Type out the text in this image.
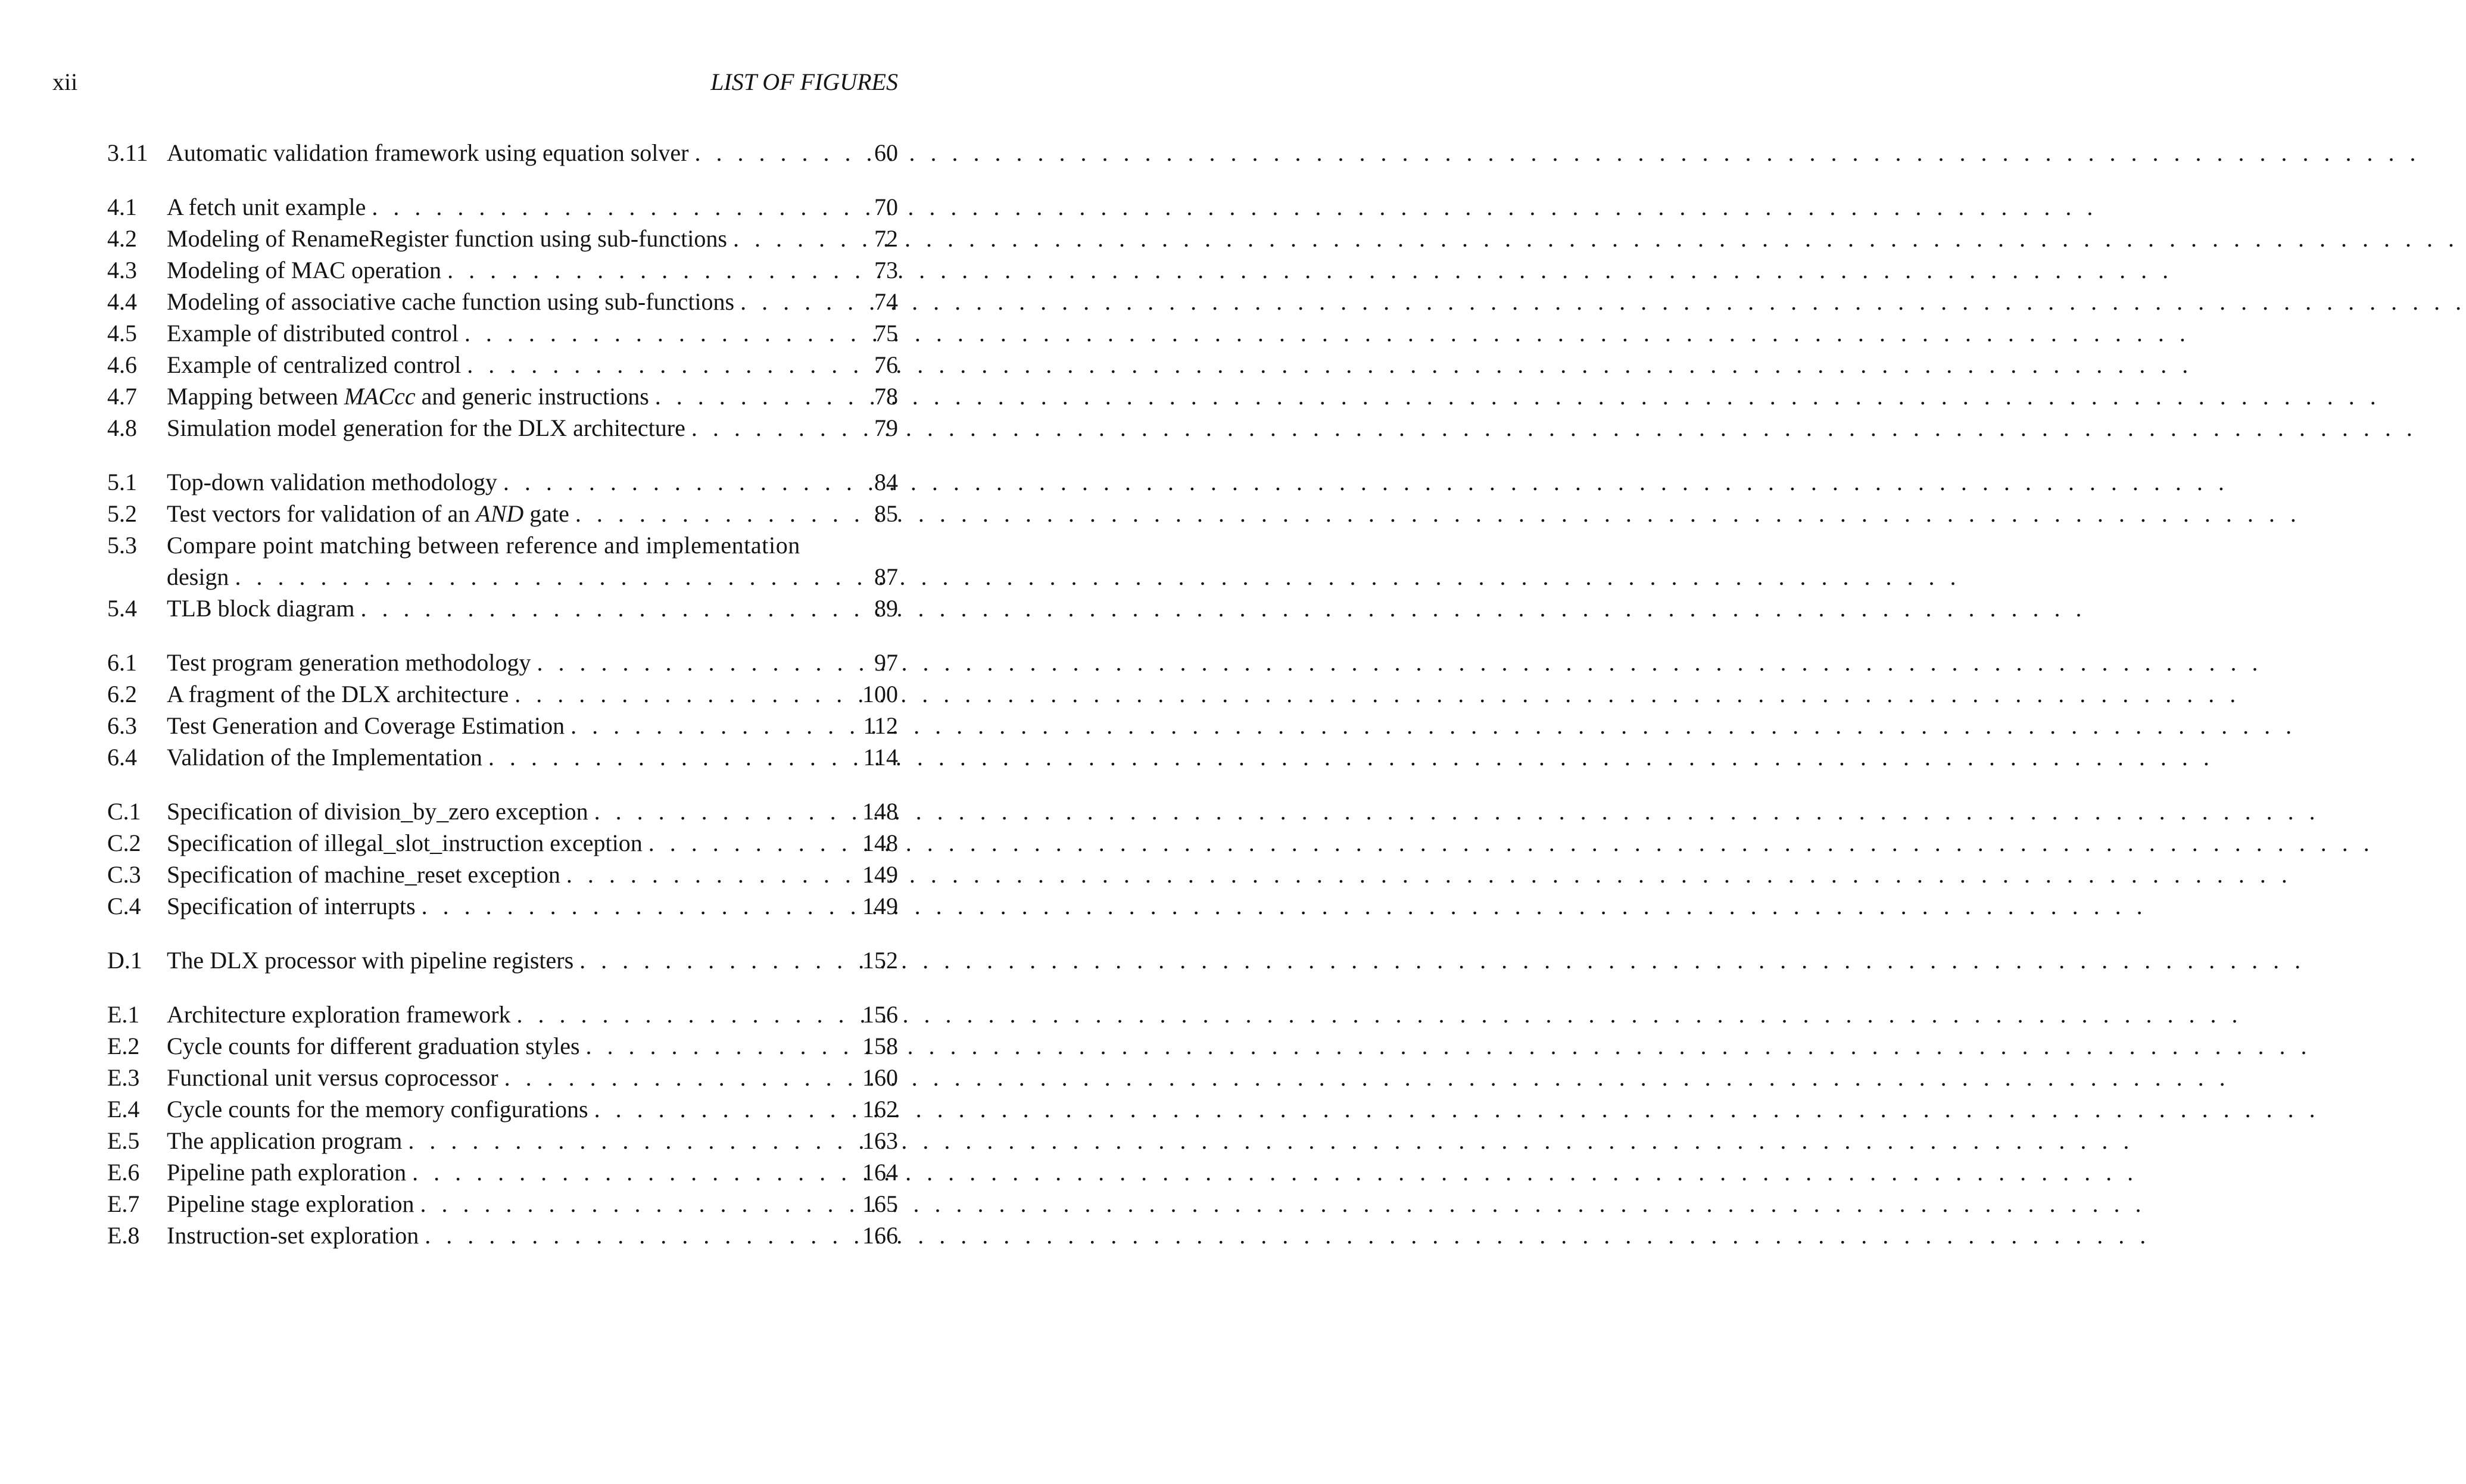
xii	LIST OF FIGURES
3.11 Automatic validation framework using equation solver . . .	60
4.1	A fetch unit example . . .	70
4.2	Modeling of RenameRegister function using sub-functions . . .	72
4.3	Modeling of MAC operation . . .	73
4.4	Modeling of associative cache function using sub-functions . . .	74
4.5	Example of distributed control . . .	75
4.6	Example of centralized control . . .	76
4.7	Mapping between MACcc and generic instructions . . .	78
4.8	Simulation model generation for the DLX architecture . . .	79
5.1	Top-down validation methodology . . .	84
5.2	Test vectors for validation of an AND gate . . .	85
5.3	Compare point matching between reference and implementation
design . . .	87
5.4	TLB block diagram . . .	89
6.1	Test program generation methodology . . .	97
6.2	A fragment of the DLX architecture . . .	100
6.3	Test Generation and Coverage Estimation . . .	112
6.4	Validation of the Implementation . . .	114
C.1	Specification of division_by_zero exception . . .	148
C.2	Specification of illegal_slot_instruction exception . . .	148
C.3	Specification of machine_reset exception . . .	149
C.4	Specification of interrupts . . .	149
D.1	The DLX processor with pipeline registers . . .	152
E.1	Architecture exploration framework . . .	156
E.2	Cycle counts for different graduation styles . . .	158
E.3	Functional unit versus coprocessor . . .	160
E.4	Cycle counts for the memory configurations . . .	162
E.5	The application program . . .	163
E.6	Pipeline path exploration . . .	164
E.7	Pipeline stage exploration . . .	165
E.8	Instruction-set exploration . . .	166
